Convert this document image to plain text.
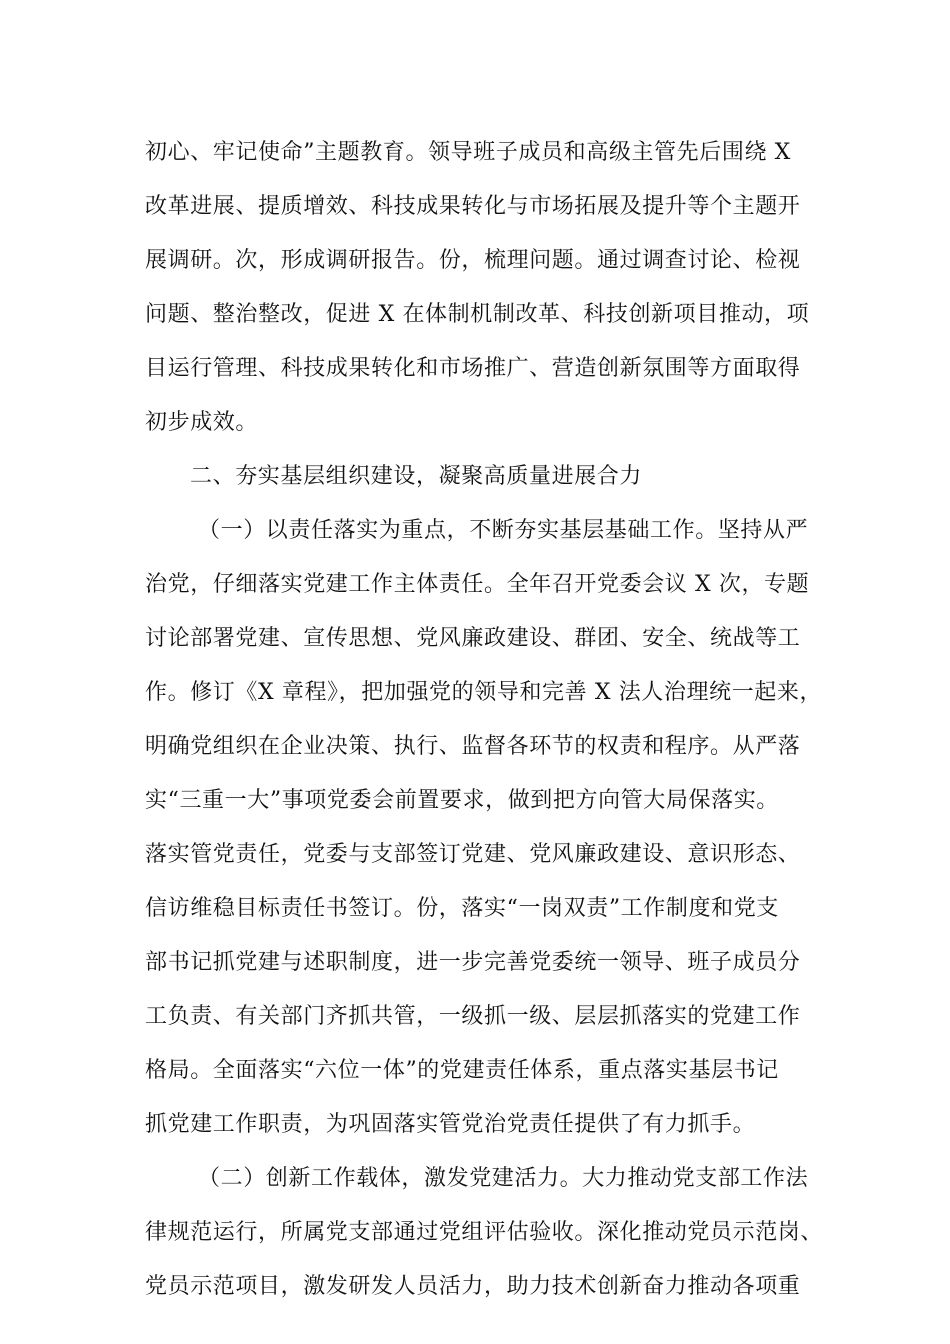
初心、牢记使命”主题教育。领导班子成员和高级主管先后围绕 X
改革进展、提质增效、科技成果转化与市场拓展及提升等个主题开
展调研。次，形成调研报告。份，梳理问题。通过调查讨论、检视
问题、整治整改，促进 X 在体制机制改革、科技创新项目推动，项
目运行管理、科技成果转化和市场推广、营造创新氛围等方面取得
初步成效。
二、夯实基层组织建设，凝聚高质量进展合力
（一）以责任落实为重点，不断夯实基层基础工作。坚持从严
治党，仔细落实党建工作主体责任。全年召开党委会议 X 次，专题
讨论部署党建、宣传思想、党风廉政建设、群团、安全、统战等工
作。修订《X 章程》，把加强党的领导和完善 X 法人治理统一起来，
明确党组织在企业决策、执行、监督各环节的权责和程序。从严落
实“三重一大”事项党委会前置要求，做到把方向管大局保落实。
落实管党责任，党委与支部签订党建、党风廉政建设、意识形态、
信访维稳目标责任书签订。份，落实“一岗双责”工作制度和党支
部书记抓党建与述职制度，进一步完善党委统一领导、班子成员分
工负责、有关部门齐抓共管，一级抓一级、层层抓落实的党建工作
格局。全面落实“六位一体”的党建责任体系，重点落实基层书记
抓党建工作职责，为巩固落实管党治党责任提供了有力抓手。
（二）创新工作载体，激发党建活力。大力推动党支部工作法
律规范运行，所属党支部通过党组评估验收。深化推动党员示范岗、
党员示范项目，激发研发人员活力，助力技术创新奋力推动各项重
